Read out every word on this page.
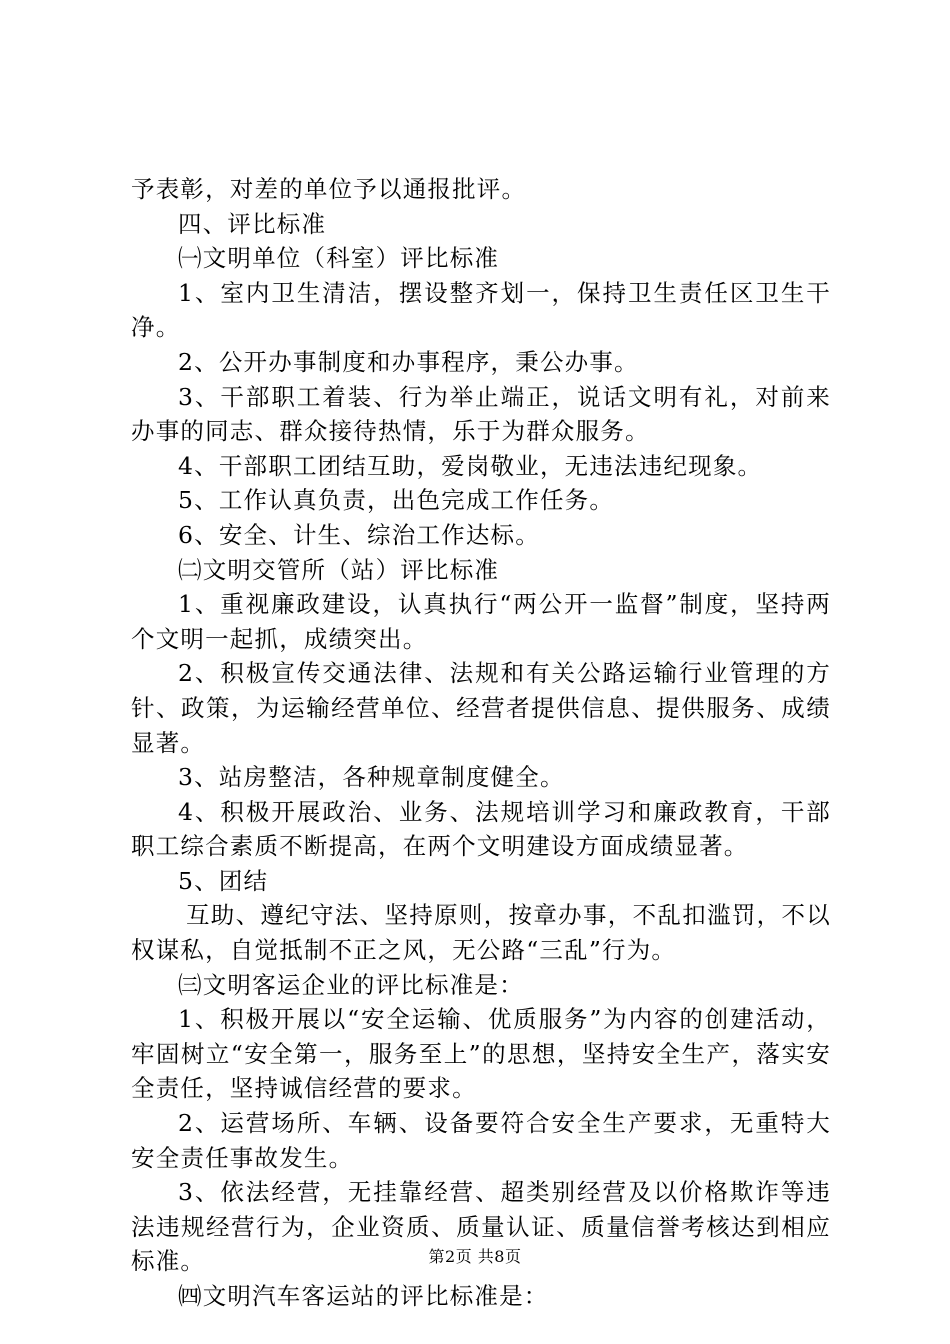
予表彰，对差的单位予以通报批评。

四、评比标准

㈠文明单位（科室）评比标准

1、室内卫生清洁，摆设整齐划一，保持卫生责任区卫生干净。

2、公开办事制度和办事程序，秉公办事。

3、干部职工着装、行为举止端正，说话文明有礼，对前来办事的同志、群众接待热情，乐于为群众服务。

4、干部职工团结互助，爱岗敬业，无违法违纪现象。

5、工作认真负责，出色完成工作任务。

6、安全、计生、综治工作达标。

㈡文明交管所（站）评比标准

1、重视廉政建设，认真执行“两公开一监督”制度，坚持两个文明一起抓，成绩突出。

2、积极宣传交通法律、法规和有关公路运输行业管理的方针、政策，为运输经营单位、经营者提供信息、提供服务、成绩显著。

3、站房整洁，各种规章制度健全。

4、积极开展政治、业务、法规培训学习和廉政教育，干部职工综合素质不断提高，在两个文明建设方面成绩显著。

5、团结

互助、遵纪守法、坚持原则，按章办事，不乱扣滥罚，不以权谋私，自觉抵制不正之风，无公路“三乱”行为。

㈢文明客运企业的评比标准是：

1、积极开展以“安全运输、优质服务”为内容的创建活动，牢固树立“安全第一，服务至上”的思想，坚持安全生产，落实安全责任，坚持诚信经营的要求。

2、运营场所、车辆、设备要符合安全生产要求，无重特大安全责任事故发生。

3、依法经营，无挂靠经营、超类别经营及以价格欺诈等违法违规经营行为，企业资质、质量认证、质量信誉考核达到相应标准。

㈣文明汽车客运站的评比标准是：

第2页 共8页
